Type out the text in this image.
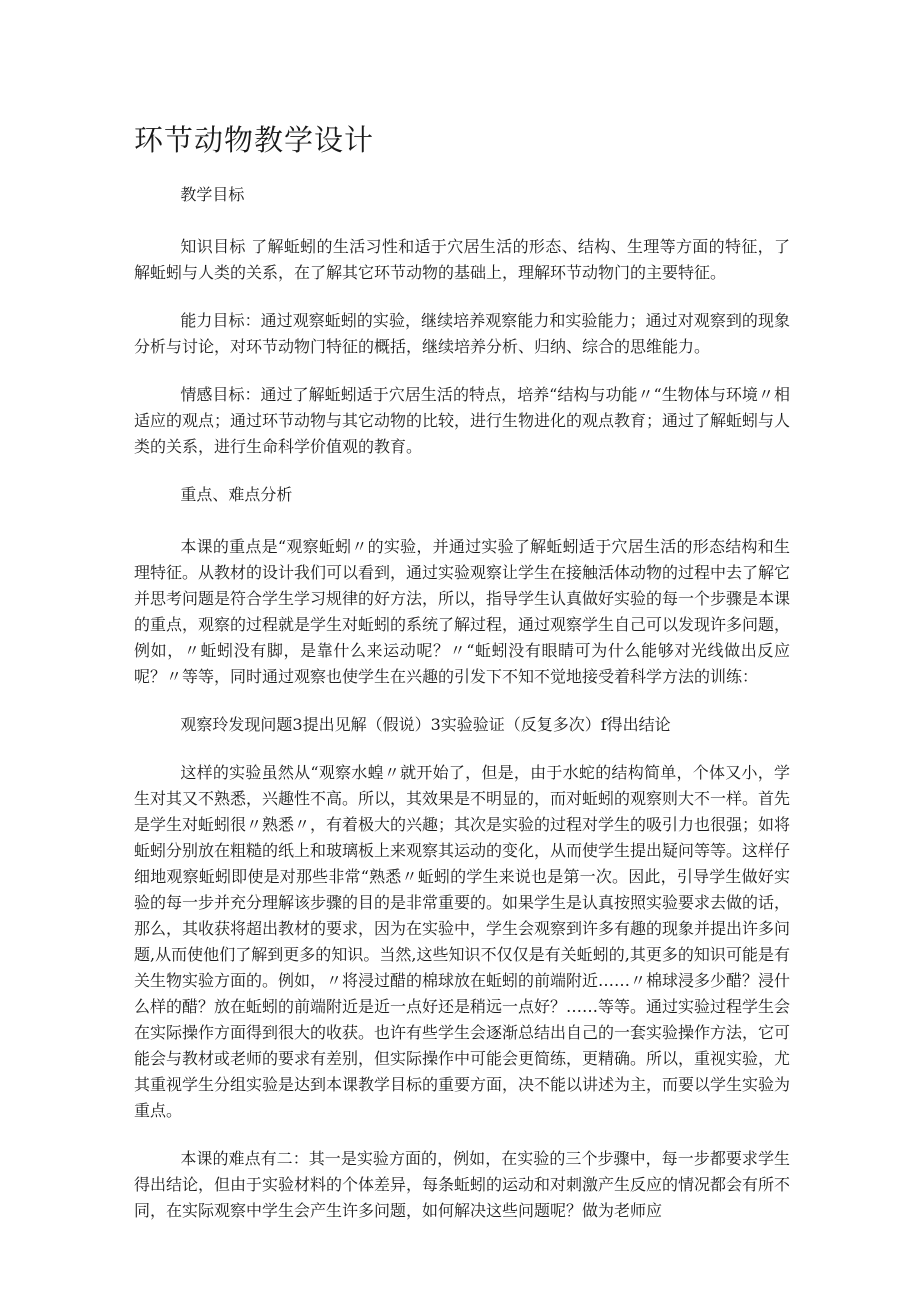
环节动物教学设计

教学目标

知识目标 了解蚯蚓的生活习性和适于穴居生活的形态、结构、生理等方面的特征，了解蚯蚓与人类的关系，在了解其它环节动物的基础上，理解环节动物门的主要特征。

能力目标：通过观察蚯蚓的实验，继续培养观察能力和实验能力；通过对观察到的现象分析与讨论，对环节动物门特征的概括，继续培养分析、归纳、综合的思维能力。

情感目标：通过了解蚯蚓适于穴居生活的特点，培养“结构与功能〃“生物体与环境〃相适应的观点；通过环节动物与其它动物的比较，进行生物进化的观点教育；通过了解蚯蚓与人类的关系，进行生命科学价值观的教育。

重点、难点分析

本课的重点是“观察蚯蚓〃的实验，并通过实验了解蚯蚓适于穴居生活的形态结构和生理特征。从教材的设计我们可以看到，通过实验观察让学生在接触活体动物的过程中去了解它并思考问题是符合学生学习规律的好方法，所以，指导学生认真做好实验的每一个步骤是本课的重点，观察的过程就是学生对蚯蚓的系统了解过程，通过观察学生自己可以发现许多问题，例如，〃蚯蚓没有脚，是靠什么来运动呢？〃“蚯蚓没有眼睛可为什么能够对光线做出反应呢？〃等等，同时通过观察也使学生在兴趣的引发下不知不觉地接受着科学方法的训练：

观察玲发现问题3提出见解（假说）3实验验证（反复多次）f得出结论

这样的实验虽然从“观察水蝗〃就开始了，但是，由于水蛇的结构简单，个体又小，学生对其又不熟悉，兴趣性不高。所以，其效果是不明显的，而对蚯蚓的观察则大不一样。首先是学生对蚯蚓很〃熟悉〃，有着极大的兴趣；其次是实验的过程对学生的吸引力也很强；如将蚯蚓分别放在粗糙的纸上和玻璃板上来观察其运动的变化，从而使学生提出疑问等等。这样仔细地观察蚯蚓即使是对那些非常“熟悉〃蚯蚓的学生来说也是第一次。因此，引导学生做好实验的每一步并充分理解该步骤的目的是非常重要的。如果学生是认真按照实验要求去做的话，那么，其收获将超出教材的要求，因为在实验中，学生会观察到许多有趣的现象并提出许多问题,从而使他们了解到更多的知识。当然,这些知识不仅仅是有关蚯蚓的,其更多的知识可能是有关生物实验方面的。例如，〃将浸过醋的棉球放在蚯蚓的前端附近……〃棉球浸多少醋？浸什么样的醋？放在蚯蚓的前端附近是近一点好还是稍远一点好？……等等。通过实验过程学生会在实际操作方面得到很大的收获。也许有些学生会逐渐总结出自己的一套实验操作方法，它可能会与教材或老师的要求有差别，但实际操作中可能会更简练，更精确。所以，重视实验，尤其重视学生分组实验是达到本课教学目标的重要方面，决不能以讲述为主，而要以学生实验为重点。

本课的难点有二：其一是实验方面的，例如，在实验的三个步骤中，每一步都要求学生得出结论，但由于实验材料的个体差异，每条蚯蚓的运动和对刺激产生反应的情况都会有所不同，在实际观察中学生会产生许多问题，如何解决这些问题呢？做为老师应
